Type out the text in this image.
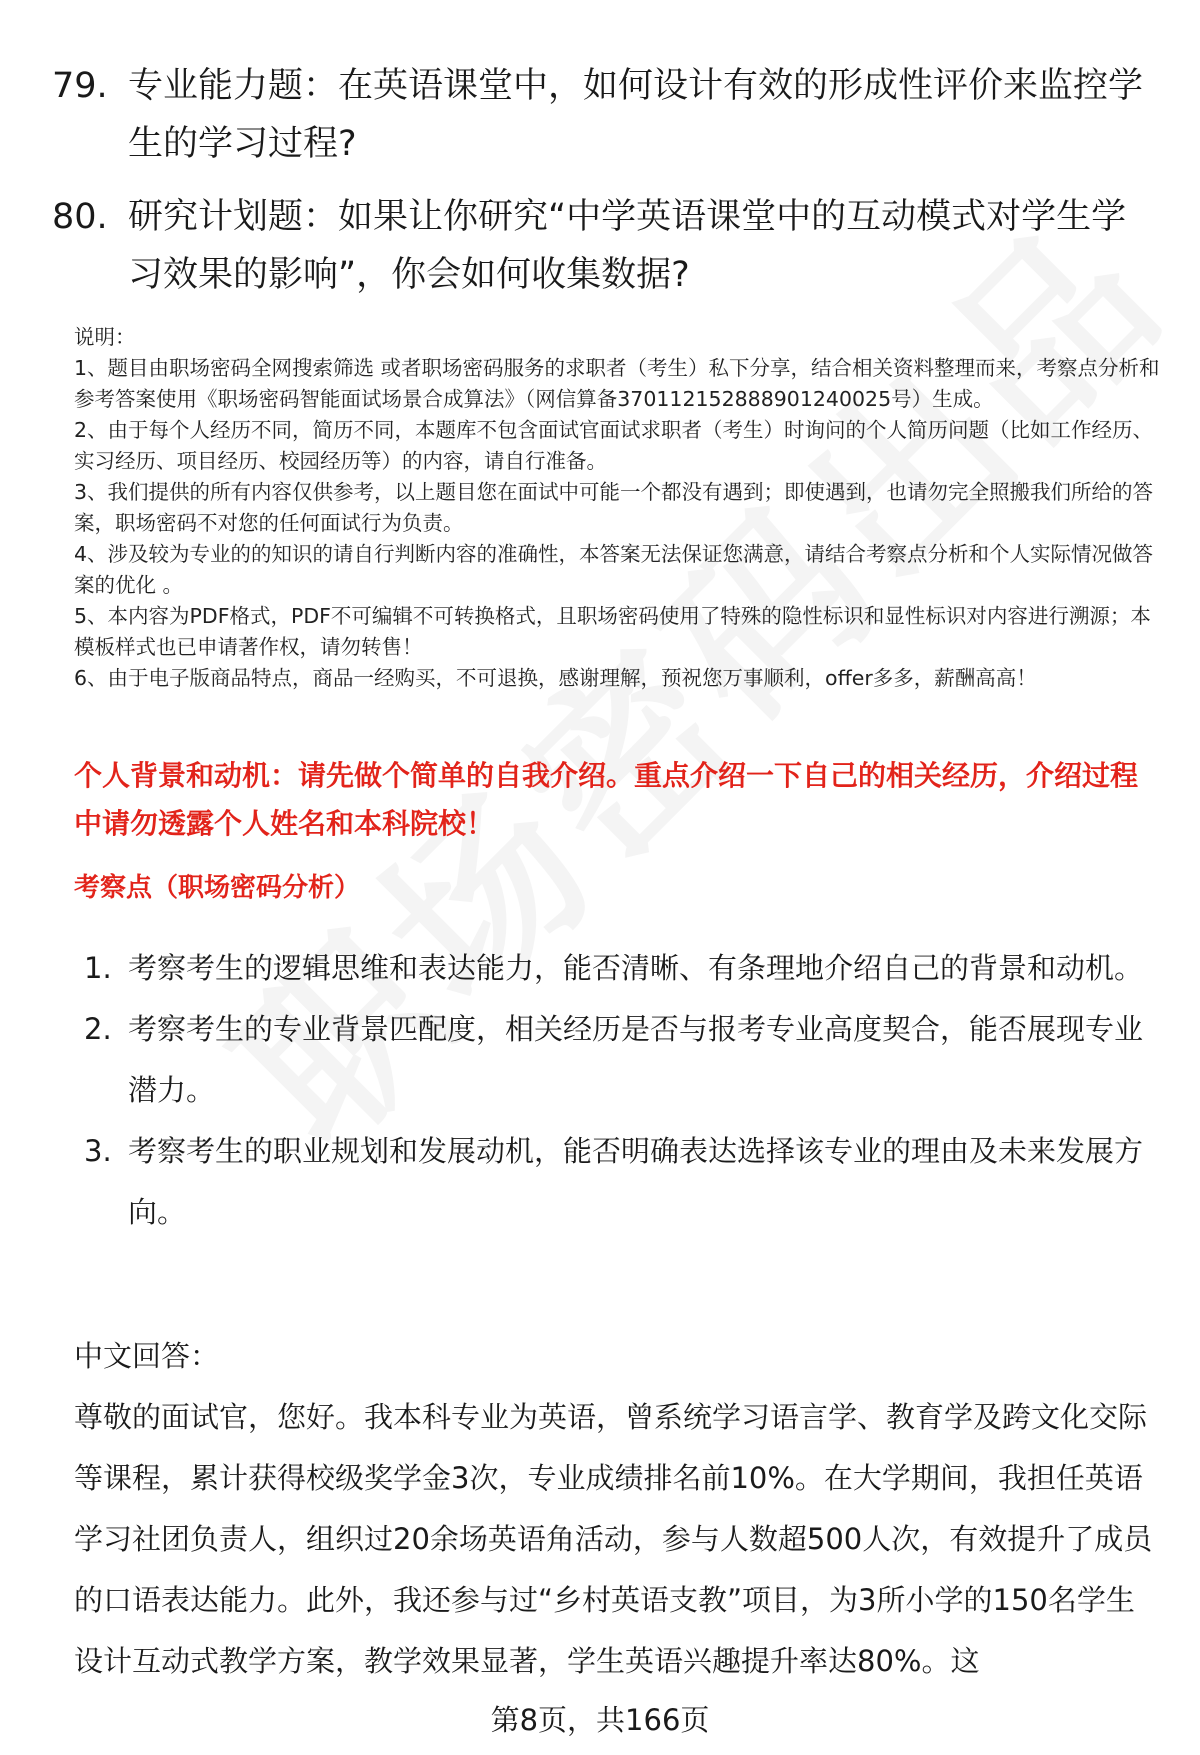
79. 专业能力题：在英语课堂中，如何设计有效的形成性评价来监控学生的学习过程?
80. 研究计划题：如果让你研究“中学英语课堂中的互动模式对学生学习效果的影响”，你会如何收集数据?

说明：

1、题目由职场密码全网搜索筛选 或者职场密码服务的求职者（考生）私下分享，结合相关资料整理而来，考察点分析和参考答案使用《职场密码智能面试场景合成算法》（网信算备370112152888901240025号）生成。

2、由于每个人经历不同，简历不同，本题库不包含面试官面试求职者（考生）时询问的个人简历问题（比如工作经历、实习经历、项目经历、校园经历等）的内容，请自行准备。

3、我们提供的所有内容仅供参考，以上题目您在面试中可能一个都没有遇到；即使遇到，也请勿完全照搬我们所给的答案，职场密码不对您的任何面试行为负责。

4、涉及较为专业的的知识的请自行判断内容的准确性，本答案无法保证您满意，请结合考察点分析和个人实际情况做答案的优化 。

5、本内容为PDF格式，PDF不可编辑不可转换格式，且职场密码使用了特殊的隐性标识和显性标识对内容进行溯源；本模板样式也已申请著作权，请勿转售！

6、由于电子版商品特点，商品一经购买，不可退换，感谢理解，预祝您万事顺利，offer多多，薪酬高高！

个人背景和动机：请先做个简单的自我介绍。重点介绍一下自己的相关经历，介绍过程中请勿透露个人姓名和本科院校！
考察点（职场密码分析）
1. 考察考生的逻辑思维和表达能力，能否清晰、有条理地介绍自己的背景和动机。
2. 考察考生的专业背景匹配度，相关经历是否与报考专业高度契合，能否展现专业潜力。
3. 考察考生的职业规划和发展动机，能否明确表达选择该专业的理由及未来发展方向。
中文回答：

尊敬的面试官，您好。我本科专业为英语，曾系统学习语言学、教育学及跨文化交际等课程，累计获得校级奖学金3次，专业成绩排名前10%。在大学期间，我担任英语学习社团负责人，组织过20余场英语角活动，参与人数超500人次，有效提升了成员的口语表达能力。此外，我还参与过“乡村英语支教”项目，为3所小学的150名学生设计互动式教学方案，教学效果显著，学生英语兴趣提升率达80%。这

第8页，共166页
